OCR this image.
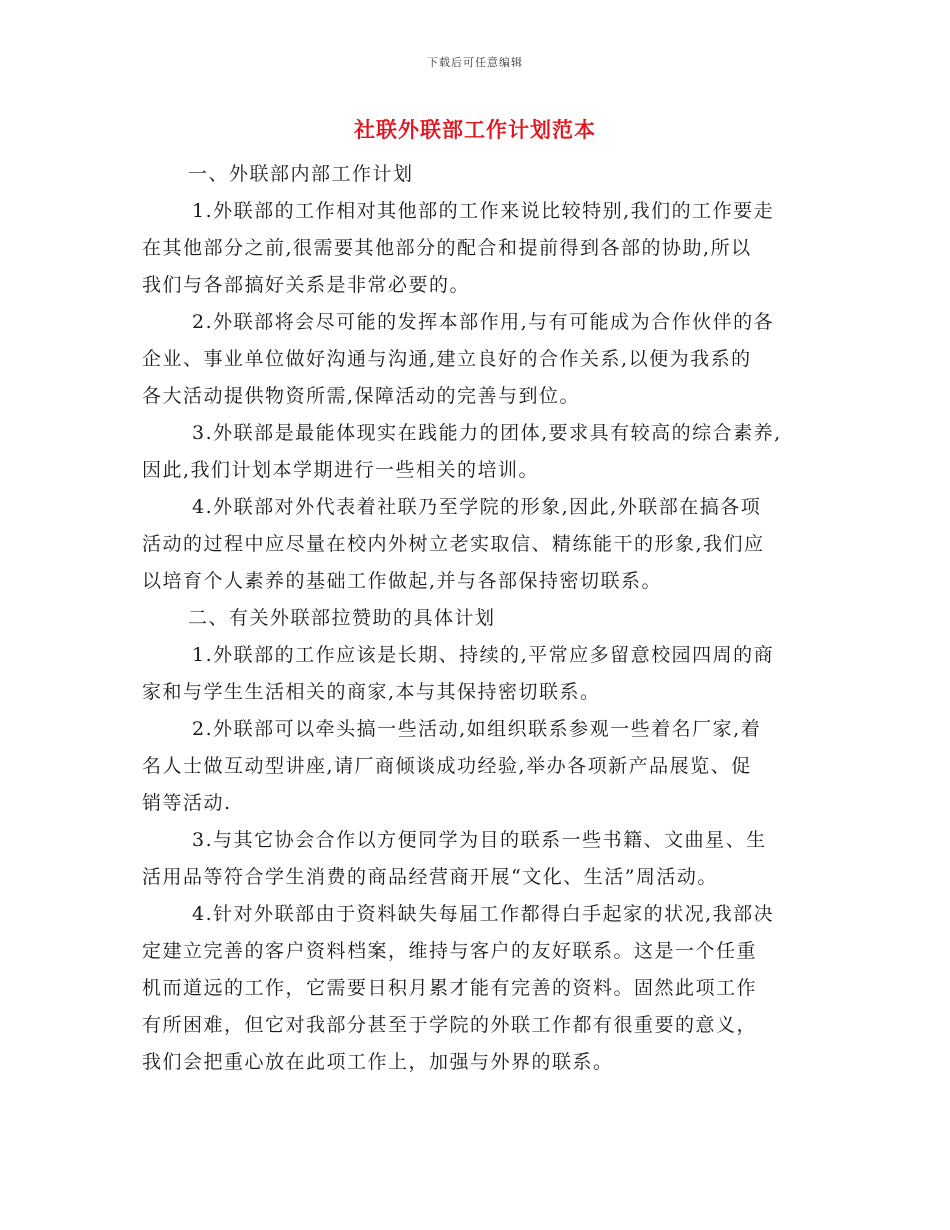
下载后可任意编辑
社联外联部工作计划范本
一、外联部内部工作计划
1.外联部的工作相对其他部的工作来说比较特别,我们的工作要走
在其他部分之前,很需要其他部分的配合和提前得到各部的协助,所以
我们与各部搞好关系是非常必要的。
2.外联部将会尽可能的发挥本部作用,与有可能成为合作伙伴的各
企业、事业单位做好沟通与沟通,建立良好的合作关系,以便为我系的
各大活动提供物资所需,保障活动的完善与到位。
3.外联部是最能体现实在践能力的团体,要求具有较高的综合素养,
因此,我们计划本学期进行一些相关的培训。
4.外联部对外代表着社联乃至学院的形象,因此,外联部在搞各项
活动的过程中应尽量在校内外树立老实取信、精练能干的形象,我们应
以培育个人素养的基础工作做起,并与各部保持密切联系。
二、有关外联部拉赞助的具体计划
1.外联部的工作应该是长期、持续的,平常应多留意校园四周的商
家和与学生生活相关的商家,本与其保持密切联系。
2.外联部可以牵头搞一些活动,如组织联系参观一些着名厂家,着
名人士做互动型讲座,请厂商倾谈成功经验,举办各项新产品展览、促
销等活动.
3.与其它协会合作以方便同学为目的联系一些书籍、文曲星、生
活用品等符合学生消费的商品经营商开展“文化、生活”周活动。
4.针对外联部由于资料缺失每届工作都得白手起家的状况,我部决
定建立完善的客户资料档案，维持与客户的友好联系。这是一个任重
机而道远的工作，它需要日积月累才能有完善的资料。固然此项工作
有所困难，但它对我部分甚至于学院的外联工作都有很重要的意义，
我们会把重心放在此项工作上，加强与外界的联系。
